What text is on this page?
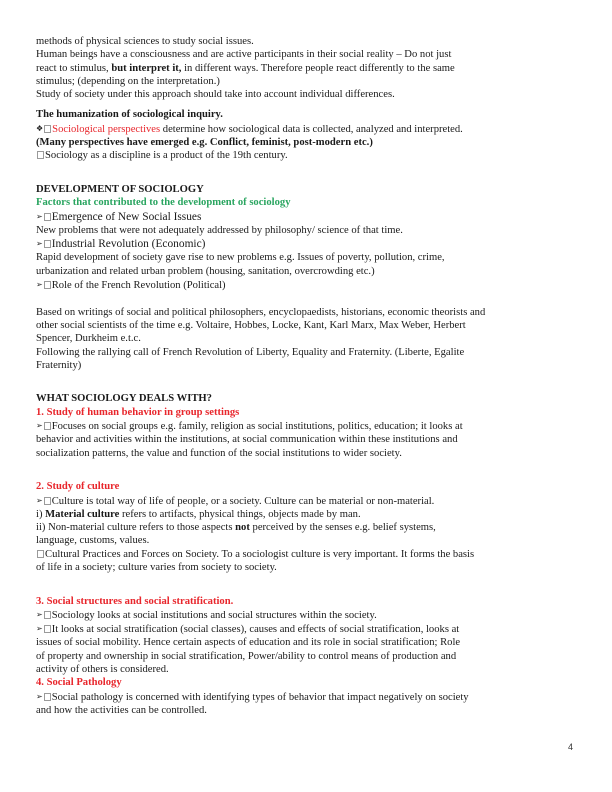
methods of physical sciences to study social issues.
Human beings have a consciousness and are active participants in their social reality – Do not just
react to stimulus, but interpret it, in different ways. Therefore people react differently to the same
stimulus; (depending on the interpretation.)
Study of society under this approach should take into account individual differences.
The humanization of sociological inquiry.
❖ Sociological perspectives determine how sociological data is collected, analyzed and interpreted.
(Many perspectives have emerged e.g. Conflict, feminist, post-modern etc.)
Sociology as a discipline is a product of the 19th century.
DEVELOPMENT OF SOCIOLOGY
Factors that contributed to the development of sociology
➢ Emergence of New Social Issues
New problems that were not adequately addressed by philosophy/ science of that time.
➢ Industrial Revolution (Economic)
Rapid development of society gave rise to new problems e.g. Issues of poverty, pollution, crime,
urbanization and related urban problem (housing, sanitation, overcrowding etc.)
➢ Role of the French Revolution (Political)
Based on writings of social and political philosophers, encyclopaedists, historians, economic theorists and
other social scientists of the time e.g. Voltaire, Hobbes, Locke, Kant, Karl Marx, Max Weber, Herbert
Spencer, Durkheim e.t.c.
Following the rallying call of French Revolution of Liberty, Equality and Fraternity. (Liberte, Egalite
Fraternity)
WHAT SOCIOLOGY DEALS WITH?
1. Study of human behavior in group settings
➢ Focuses on social groups e.g. family, religion as social institutions, politics, education; it looks at
behavior and activities within the institutions, at social communication within these institutions and
socialization patterns, the value and function of the social institutions to wider society.
2. Study of culture
➢ Culture is total way of life of people, or a society. Culture can be material or non-material.
i) Material culture refers to artifacts, physical things, objects made by man.
ii) Non-material culture refers to those aspects not perceived by the senses e.g. belief systems,
language, customs, values.
Cultural Practices and Forces on Society. To a sociologist culture is very important. It forms the basis
of life in a society; culture varies from society to society.
3. Social structures and social stratification.
➢ Sociology looks at social institutions and social structures within the society.
➢ It looks at social stratification (social classes), causes and effects of social stratification, looks at
issues of social mobility. Hence certain aspects of education and its role in social stratification; Role
of property and ownership in social stratification, Power/ability to control means of production and
activity of others is considered.
4. Social Pathology
➢ Social pathology is concerned with identifying types of behavior that impact negatively on society
and how the activities can be controlled.
4
